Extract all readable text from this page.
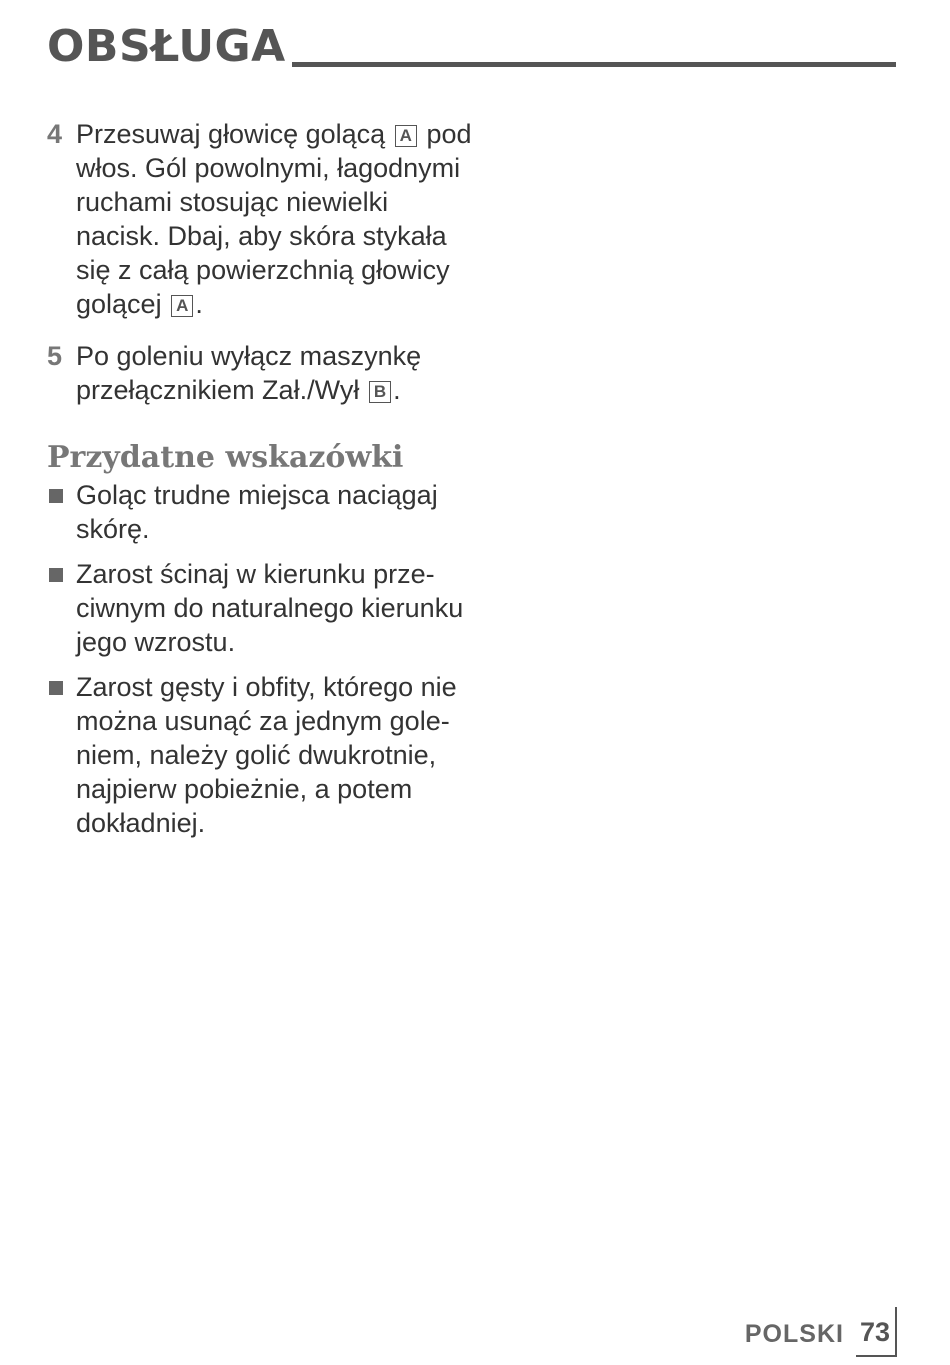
OBSŁUGA
4 Przesuwaj głowicę golącą A pod włos. Gól powolnymi, łagodnymi ruchami stosując niewielki nacisk. Dbaj, aby skóra stykała się z całą powierzchnią głowicy golącej A .
5 Po goleniu wyłącz maszynkę przełącznikiem Zał./Wył B .
Przydatne wskazówki
Goląc trudne miejsca naciągaj skórę.
Zarost ścinaj w kierunku prze-ciwnym do naturalnego kierunku jego wzrostu.
Zarost gęsty i obfity, którego nie można usunąć za jednym gole-niem, należy golić dwukrotnie, najpierw pobieżnie, a potem dokładniej.
POLSKI 73
